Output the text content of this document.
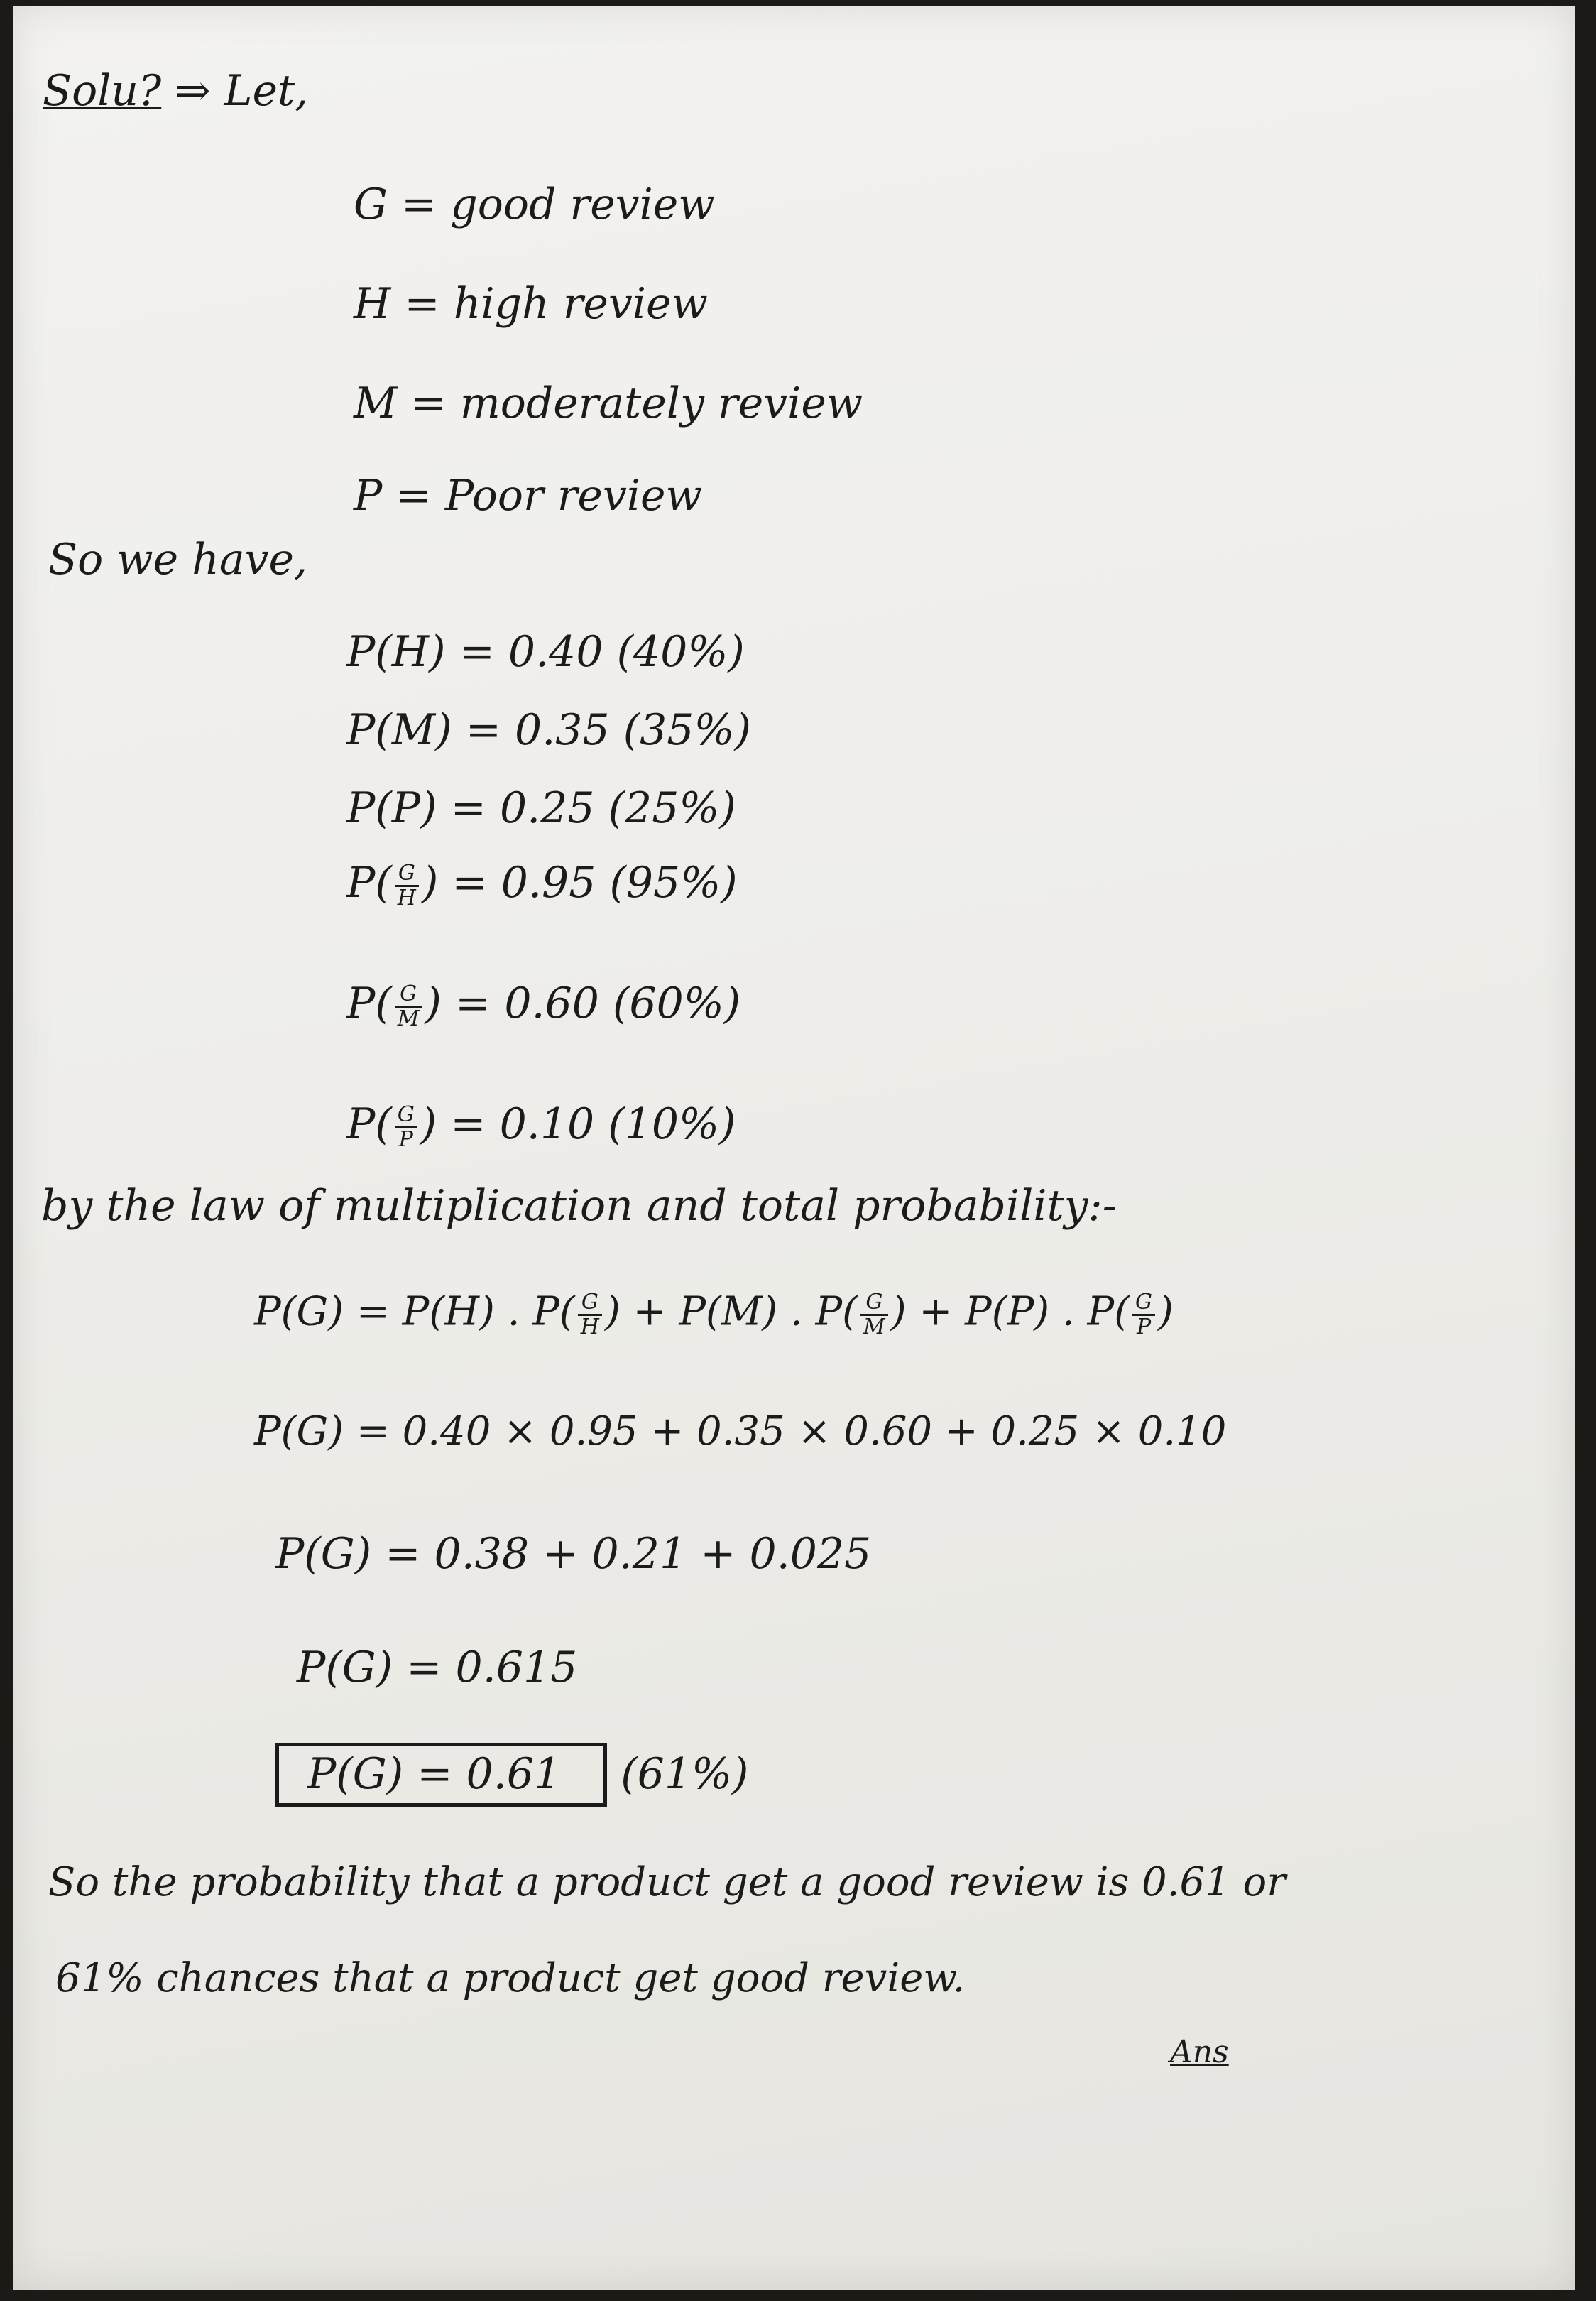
Solu? ⇒ Let,
G = good review
H = high review
M = moderately review
P = Poor review
So we have,
P(H) = 0.40 (40%)
P(M) = 0.35 (35%)
P(P) = 0.25 (25%)
$P( \frac{G}{H}$ ) = 0.95 (95%)
$P( \frac{G}{M}$ ) = 0.60 (60%)
$P( \frac{G}{P}$ ) = 0.10 (10%)
by the law of multiplication and total probability:-
P(G) = P(H) . $P( \frac{G}{H}$ ) + P(M) . $P( \frac{G}{M}$ ) + P(P) . $P( \frac{G}{P}$ )
P(G) = 0.40 × 0.95 + 0.35 × 0.60 + 0.25 × 0.10
P(G) = 0.38 + 0.21 + 0.025
P(G) = 0.615
P(G) = 0.61 (61%)
So the probability that a product get a good review is 0.61 or
61% chances that a product get good review.
Ans
